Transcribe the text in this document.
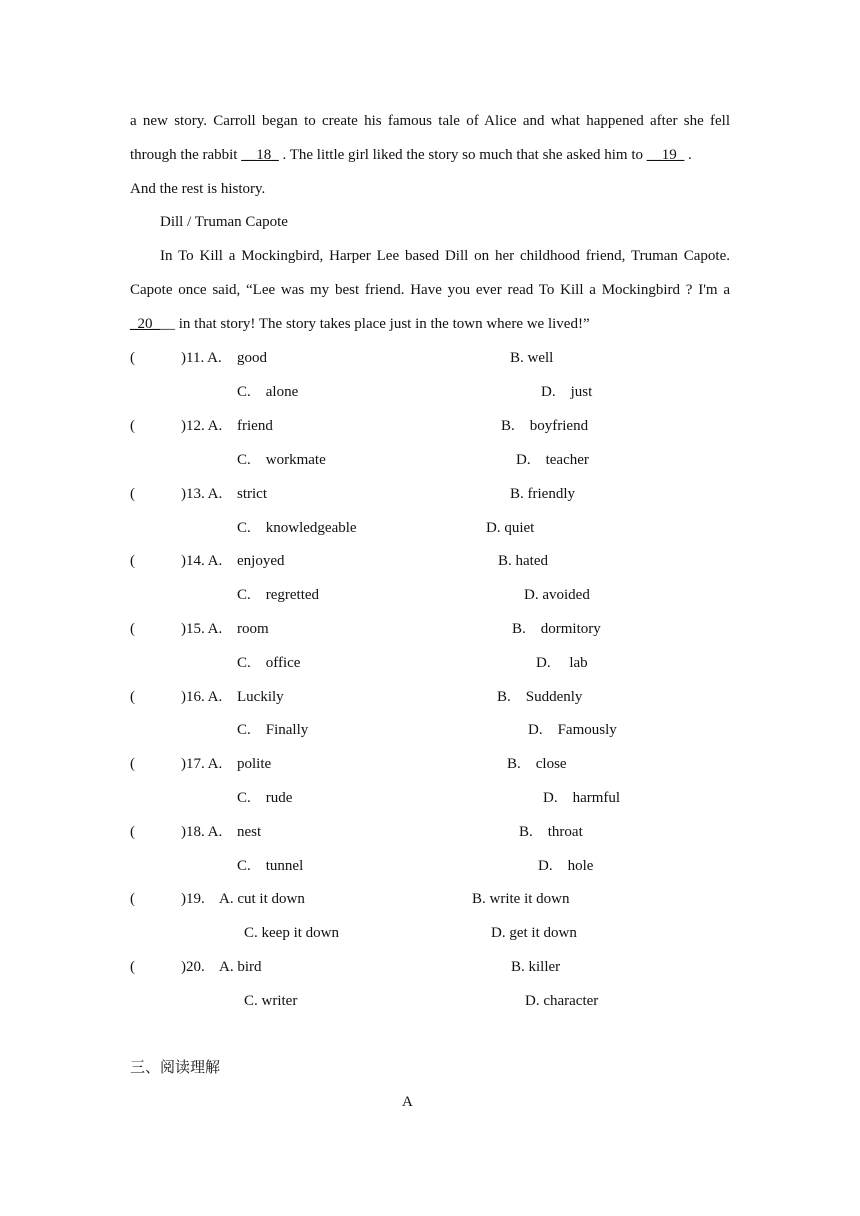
a new story. Carroll began to create his famous tale of Alice and what happened after she fell
through the rabbit __18_ . The little girl liked the story so much that she asked him to __19_ .
And the rest is history.
Dill / Truman Capote
In To Kill a Mockingbird, Harper Lee based Dill on her childhood friend, Truman Capote.
Capote once said, “Lee was my best friend. Have you ever read To Kill a Mockingbird ? I'm a
_20___ in that story! The story takes place just in the town where we lived!”
(	)11. A. good	B. well
C.    alone	D.    just
(	)12. A. friend	B.    boyfriend
C.    workmate	D.    teacher
(	)13. A. strict	B. friendly
C.    knowledgeable	D. quiet
(	)14. A. enjoyed	B. hated
C.    regretted	D. avoided
(	)15. A. room	B.    dormitory
C.    office	D.     lab
(	)16. A. Luckily	B.    Suddenly
C.    Finally	D.    Famously
(	)17. A. polite	B.    close
C.    rude	D.    harmful
(	)18. A. nest	B.    throat
C.    tunnel	D.    hole
(	)19. A. cut it down	B. write it down
C. keep it down	D. get it down
(	)20. A. bird	B. killer
C. writer	D. character
三、阅读理解
A
